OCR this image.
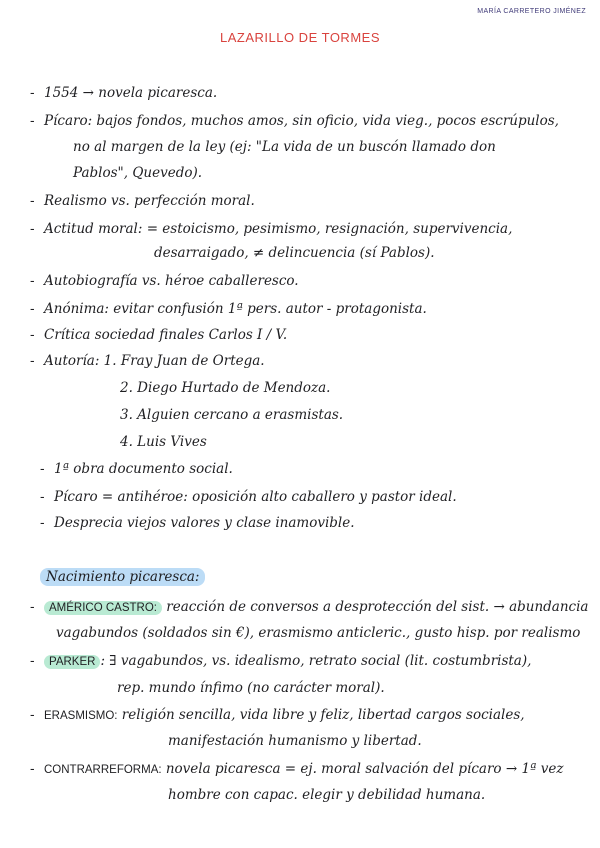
MARÍA CARRETERO JIMÉNEZ
LAZARILLO DE TORMES
- 1554 → novela picaresca.
- Pícaro: bajos fondos, muchos amos, sin oficio, vida vieg., pocos escrúpulos,
no al margen de la ley (ej: "La vida de un buscón llamado don
Pablos", Quevedo).
- Realismo vs. perfección moral.
- Actitud moral: = estoicismo, pesimismo, resignación, supervivencia,
desarraigado, ≠ delincuencia (sí Pablos).
- Autobiografía vs. héroe caballeresco.
- Anónima: evitar confusión 1ª pers. autor - protagonista.
- Crítica sociedad finales Carlos I / V.
- Autoría: 1. Fray Juan de Ortega.
2. Diego Hurtado de Mendoza.
3. Alguien cercano a erasmistas.
4. Luis Vives
- 1ª obra documento social.
- Pícaro = antihéroe: oposición alto caballero y pastor ideal.
- Desprecia viejos valores y clase inamovible.
Nacimiento picaresca:
- AMÉRICO CASTRO: reacción de conversos a desprotección del sist. → abundancia
vagabundos (soldados sin €), erasmismo anticleric., gusto hisp. por realismo
- PARKER : ∃ vagabundos, vs. idealismo, retrato social (lit. costumbrista),
rep. mundo ínfimo (no carácter moral).
- ERASMISMO: religión sencilla, vida libre y feliz, libertad cargos sociales,
manifestación humanismo y libertad.
- CONTRARREFORMA: novela picaresca = ej. moral salvación del pícaro → 1ª vez
hombre con capac. elegir y debilidad humana.
